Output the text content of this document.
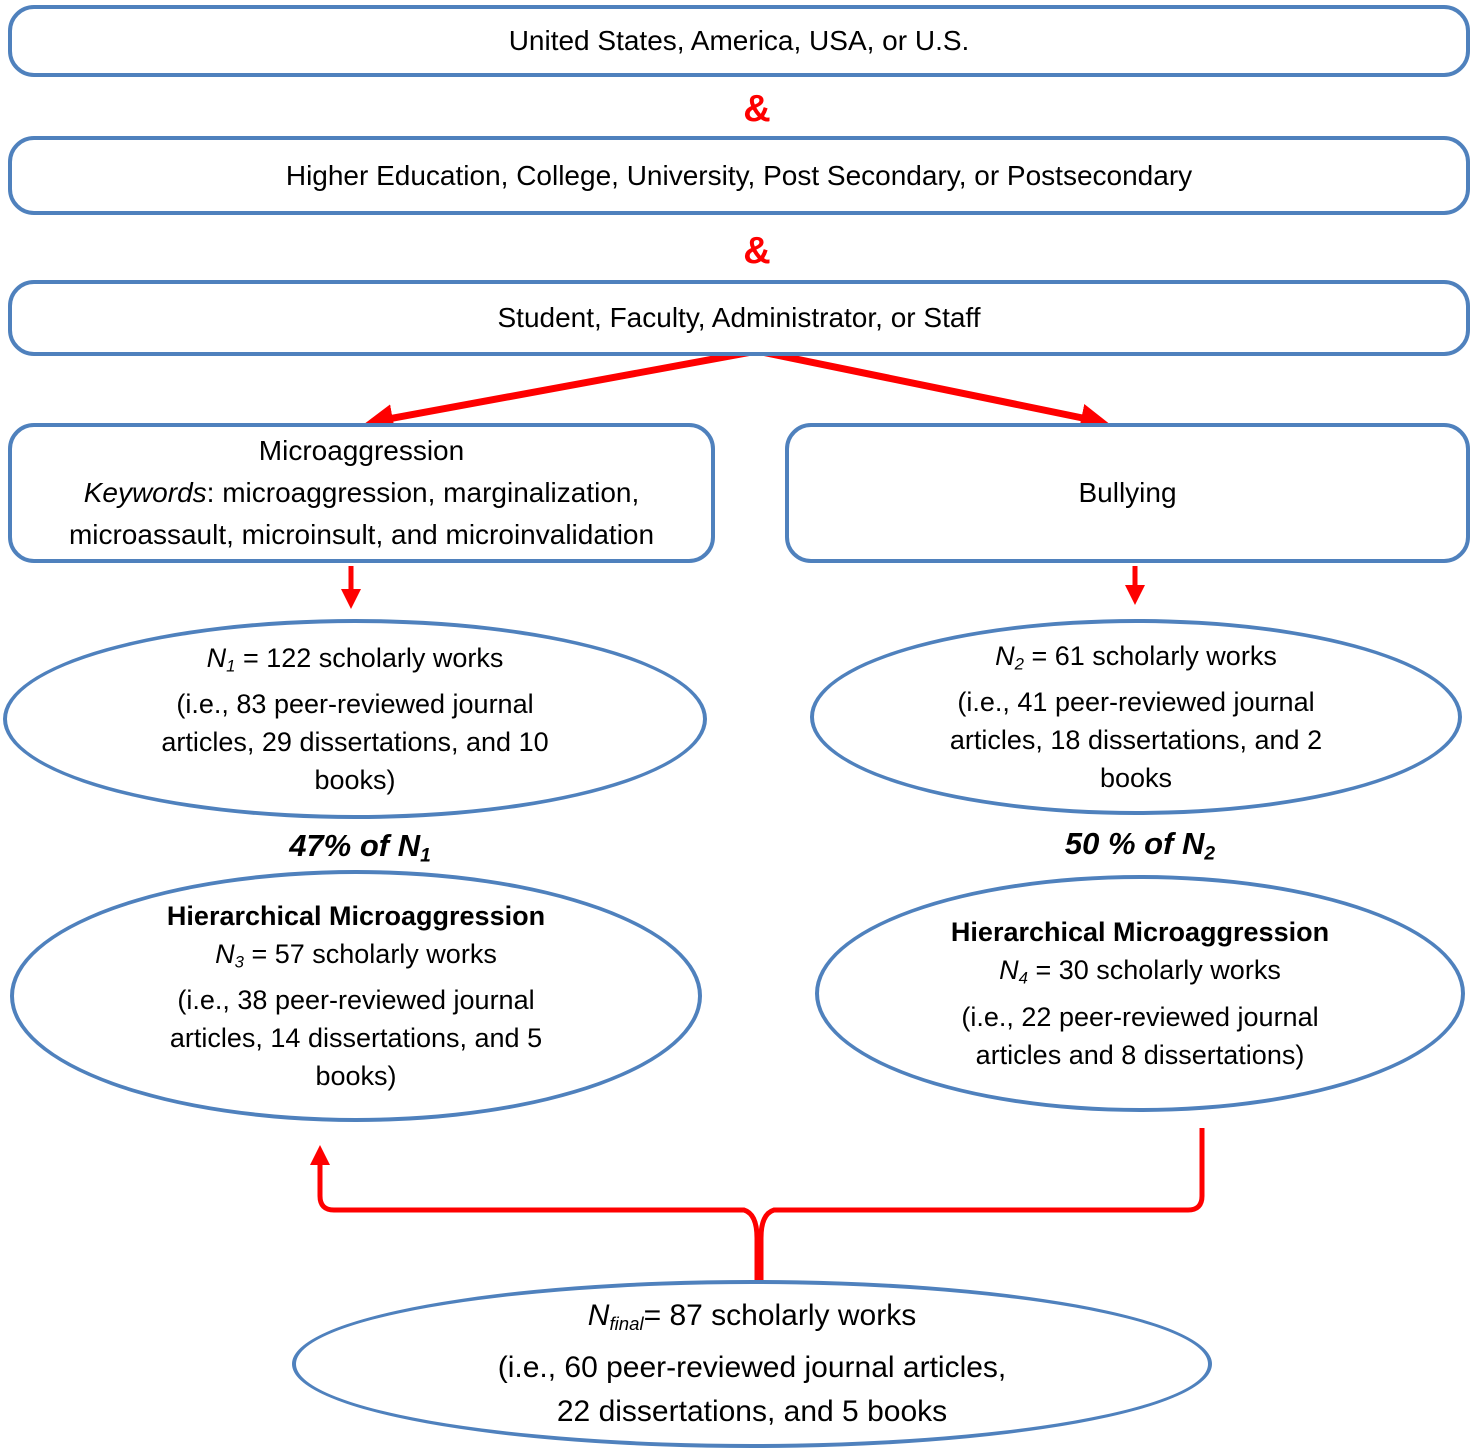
United States, America, USA, or U.S.
&
Higher Education, College, University, Post Secondary, or Postsecondary
&
Student, Faculty, Administrator, or Staff
Microaggression
Keywords: microaggression, marginalization,
microassault, microinsult, and microinvalidation
Bullying
$N_1 = 122$ scholarly works
(i.e., 83 peer-reviewed journal
articles, 29 dissertations, and 10
books)
$N_2 = 61$ scholarly works
(i.e., 41 peer-reviewed journal
articles, 18 dissertations, and 2
books
47% of $N_1$	50 % of $N_2$
Hierarchical Microaggression
$N_3 = 57$ scholarly works
(i.e., 38 peer-reviewed journal
articles, 14 dissertations, and 5
books)
Hierarchical Microaggression
$N_4 = 30$ scholarly works
(i.e., 22 peer-reviewed journal
articles and 8 dissertations)
$N_{final}= 87$ scholarly works
(i.e., 60 peer-reviewed journal articles,
22 dissertations, and 5 books
